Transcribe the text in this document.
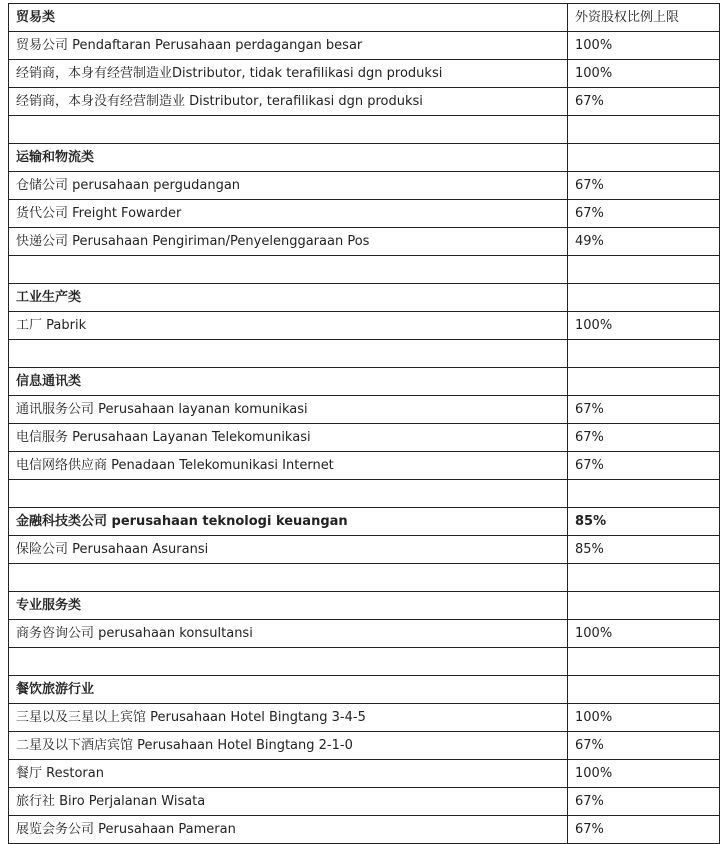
贸易类	外资股权比例上限
贸易公司 Pendaftaran Perusahaan perdagangan besar	100%
经销商，本身有经营制造业Distributor, tidak terafilikasi dgn produksi	100%
经销商，本身没有经营制造业 Distributor, terafilikasi dgn produksi	67%

运输和物流类	
仓储公司 perusahaan pergudangan	67%
货代公司 Freight Fowarder	67%
快递公司 Perusahaan Pengiriman/Penyelenggaraan Pos	49%

工业生产类	
工厂 Pabrik	100%

信息通讯类	
通讯服务公司 Perusahaan layanan komunikasi	67%
电信服务 Perusahaan Layanan Telekomunikasi	67%
电信网络供应商 Penadaan Telekomunikasi Internet	67%

金融科技类公司 perusahaan teknologi keuangan	85%
保险公司 Perusahaan Asuransi	85%

专业服务类	
商务咨询公司 perusahaan konsultansi	100%

餐饮旅游行业	
三星以及三星以上宾馆 Perusahaan Hotel Bingtang 3-4-5	100%
二星及以下酒店宾馆 Perusahaan Hotel Bingtang 2-1-0	67%
餐厅 Restoran	100%
旅行社 Biro Perjalanan Wisata	67%
展览会务公司 Perusahaan Pameran	67%
